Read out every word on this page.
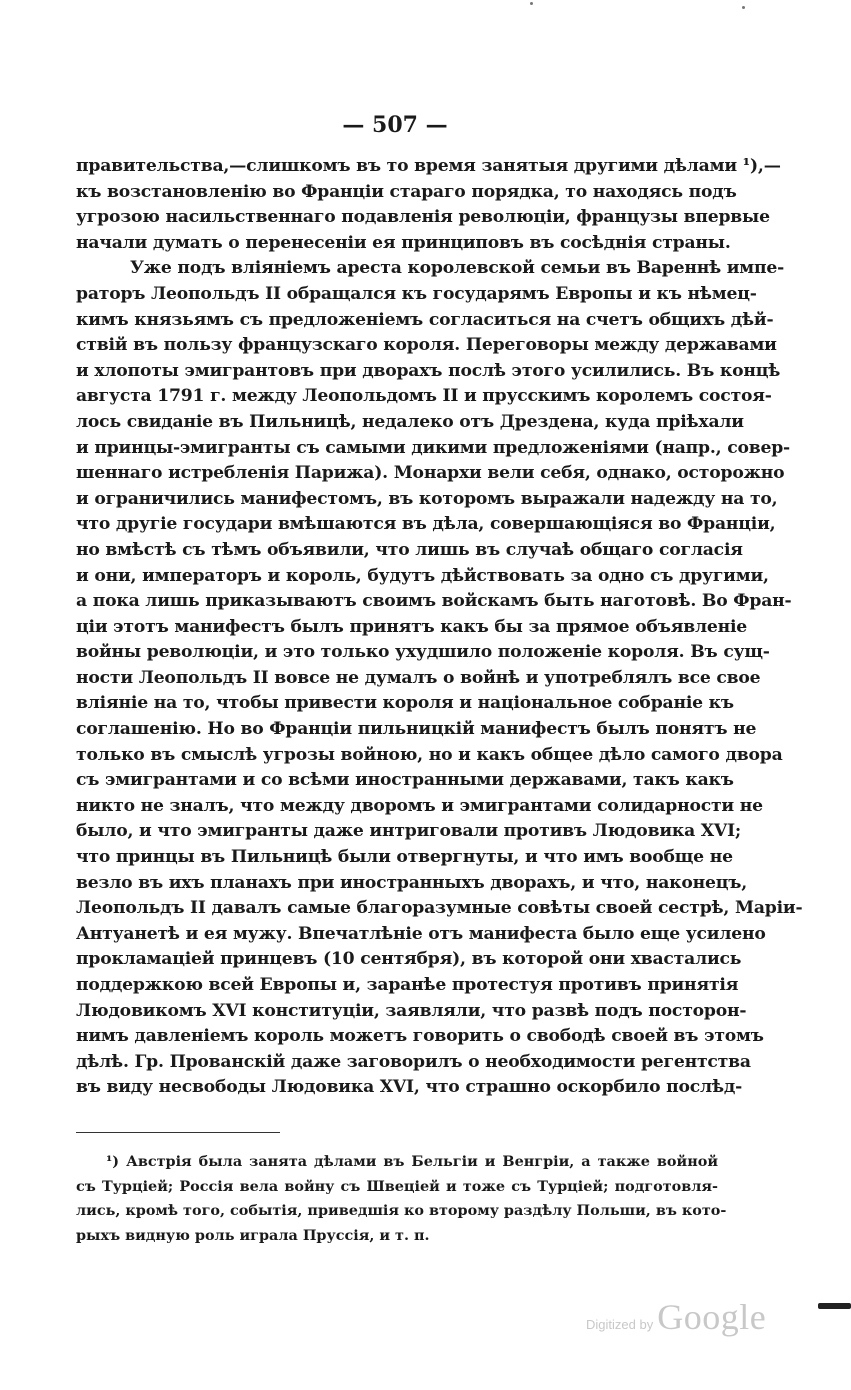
— 507 —
правительства,—слишкомъ въ то время занятыя другими дѣлами ¹),—
къ возстановленію во Франціи стараго порядка, то находясь подъ
угрозою насильственнаго подавленія революціи, французы впервые
начали думать о перенесеніи ея принциповъ въ сосѣднія страны.
Уже подъ вліяніемъ ареста королевской семьи въ Вареннѣ импе-
раторъ Леопольдъ II обращался къ государямъ Европы и къ нѣмец-
кимъ князьямъ съ предложеніемъ согласиться на счетъ общихъ дѣй-
ствій въ пользу французскаго короля. Переговоры между державами
и хлопоты эмигрантовъ при дворахъ послѣ этого усилились. Въ концѣ
августа 1791 г. между Леопольдомъ II и прусскимъ королемъ состоя-
лось свиданіе въ Пильницѣ, недалеко отъ Дрездена, куда пріѣхали
и принцы-эмигранты съ самыми дикими предложеніями (напр., совер-
шеннаго истребленія Парижа). Монархи вели себя, однако, осторожно
и ограничились манифестомъ, въ которомъ выражали надежду на то,
что другіе государи вмѣшаются въ дѣла, совершающіяся во Франціи,
но вмѣстѣ съ тѣмъ объявили, что лишь въ случаѣ общаго согласія
и они, императоръ и король, будутъ дѣйствовать за одно съ другими,
а пока лишь приказываютъ своимъ войскамъ быть наготовѣ. Во Фран-
ціи этотъ манифестъ былъ принятъ какъ бы за прямое объявленіе
войны революціи, и это только ухудшило положеніе короля. Въ сущ-
ности Леопольдъ II вовсе не думалъ о войнѣ и употреблялъ все свое
вліяніе на то, чтобы привести короля и національное собраніе къ
соглашенію. Но во Франціи пильницкій манифестъ былъ понятъ не
только въ смыслѣ угрозы войною, но и какъ общее дѣло самого двора
съ эмигрантами и со всѣми иностранными державами, такъ какъ
никто не зналъ, что между дворомъ и эмигрантами солидарности не
было, и что эмигранты даже интриговали противъ Людовика XVI;
что принцы въ Пильницѣ были отвергнуты, и что имъ вообще не
везло въ ихъ планахъ при иностранныхъ дворахъ, и что, наконецъ,
Леопольдъ II давалъ самые благоразумные совѣты своей сестрѣ, Маріи-
Антуанетѣ и ея мужу. Впечатлѣніе отъ манифеста было еще усилено
прокламаціей принцевъ (10 сентября), въ которой они хвастались
поддержкою всей Европы и, заранѣе протестуя противъ принятія
Людовикомъ XVI конституціи, заявляли, что развѣ подъ посторон-
нимъ давленіемъ король можетъ говорить о свободѣ своей въ этомъ
дѣлѣ. Гр. Прованскій даже заговорилъ о необходимости регентства
въ виду несвободы Людовика XVI, что страшно оскорбило послѣд-
¹) Австрія была занята дѣлами въ Бельгіи и Венгріи, а также войной
съ Турціей; Россія вела войну съ Швеціей и тоже съ Турціей; подготовля-
лись, кромѣ того, событія, приведшія ко второму раздѣлу Польши, въ кото-
рыхъ видную роль играла Пруссія, и т. п.
Digitized by Google
